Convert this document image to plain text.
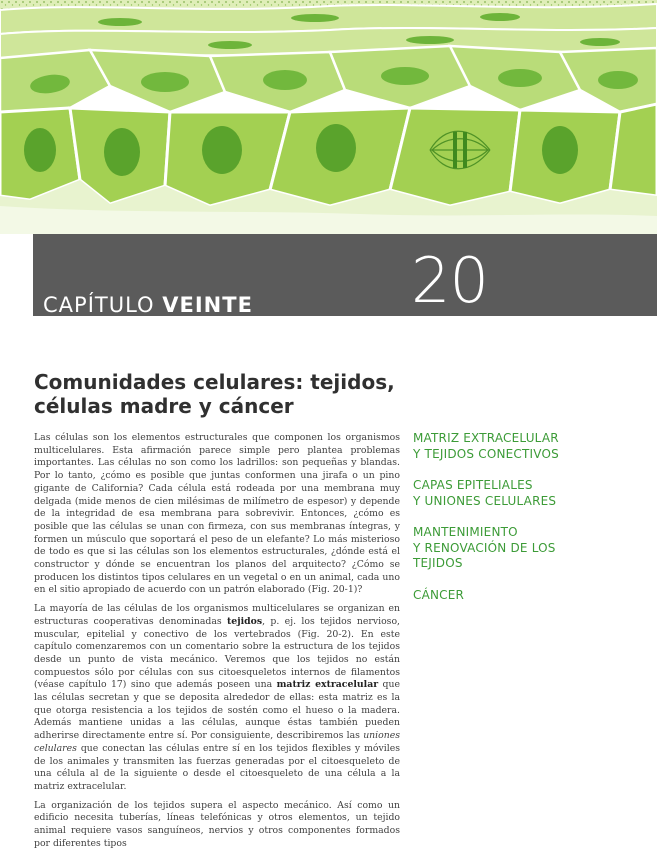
CAPÍTULO VEINTE	20
Comunidades celulares: tejidos,
células madre y cáncer

Las células son los elementos estructurales que componen los organismos multicelulares. Esta afirmación parece simple pero plantea problemas importantes. Las células no son como los ladrillos: son pequeñas y blandas. Por lo tanto, ¿cómo es posible que juntas conformen una jirafa o un pino gigante de California? Cada célula está rodeada por una membrana muy delgada (mide menos de cien milésimas de milímetro de espesor) y depende de la integridad de esa membrana para sobrevivir. Entonces, ¿cómo es posible que las células se unan con firmeza, con sus membranas íntegras, y formen un músculo que soportará el peso de un elefante? Lo más misterioso de todo es que si las células son los elementos estructurales, ¿dónde está el constructor y dónde se encuentran los planos del arquitecto? ¿Cómo se producen los distintos tipos celulares en un vegetal o en un animal, cada uno en el sitio apropiado de acuerdo con un patrón elaborado (Fig. 20-1)?

La mayoría de las células de los organismos multicelulares se organizan en estructuras cooperativas denominadas tejidos, p. ej. los tejidos nervioso, muscular, epitelial y conectivo de los vertebrados (Fig. 20-2). En este capítulo comenzaremos con un comentario sobre la estructura de los tejidos desde un punto de vista mecánico. Veremos que los tejidos no están compuestos sólo por células con sus citoesqueletos internos de filamentos (véase capítulo 17) sino que además poseen una matriz extracelular que las células secretan y que se deposita alrededor de ellas: esta matriz es la que otorga resistencia a los tejidos de sostén como el hueso o la madera. Además mantiene unidas a las células, aunque éstas también pueden adherirse directamente entre sí. Por consiguiente, describiremos las uniones celulares que conectan las células entre sí en los tejidos flexibles y móviles de los animales y transmiten las fuerzas generadas por el citoesqueleto de una célula al de la siguiente o desde el citoesqueleto de una célula a la matriz extracelular.

La organización de los tejidos supera el aspecto mecánico. Así como un edificio necesita tuberías, líneas telefónicas y otros elementos, un tejido animal requiere vasos sanguíneos, nervios y otros componentes formados por diferentes tipos

MATRIZ EXTRACELULAR
Y TEJIDOS CONECTIVOS
CAPAS EPITELIALES
Y UNIONES CELULARES
MANTENIMIENTO
Y RENOVACIÓN DE LOS
TEJIDOS
CÁNCER
